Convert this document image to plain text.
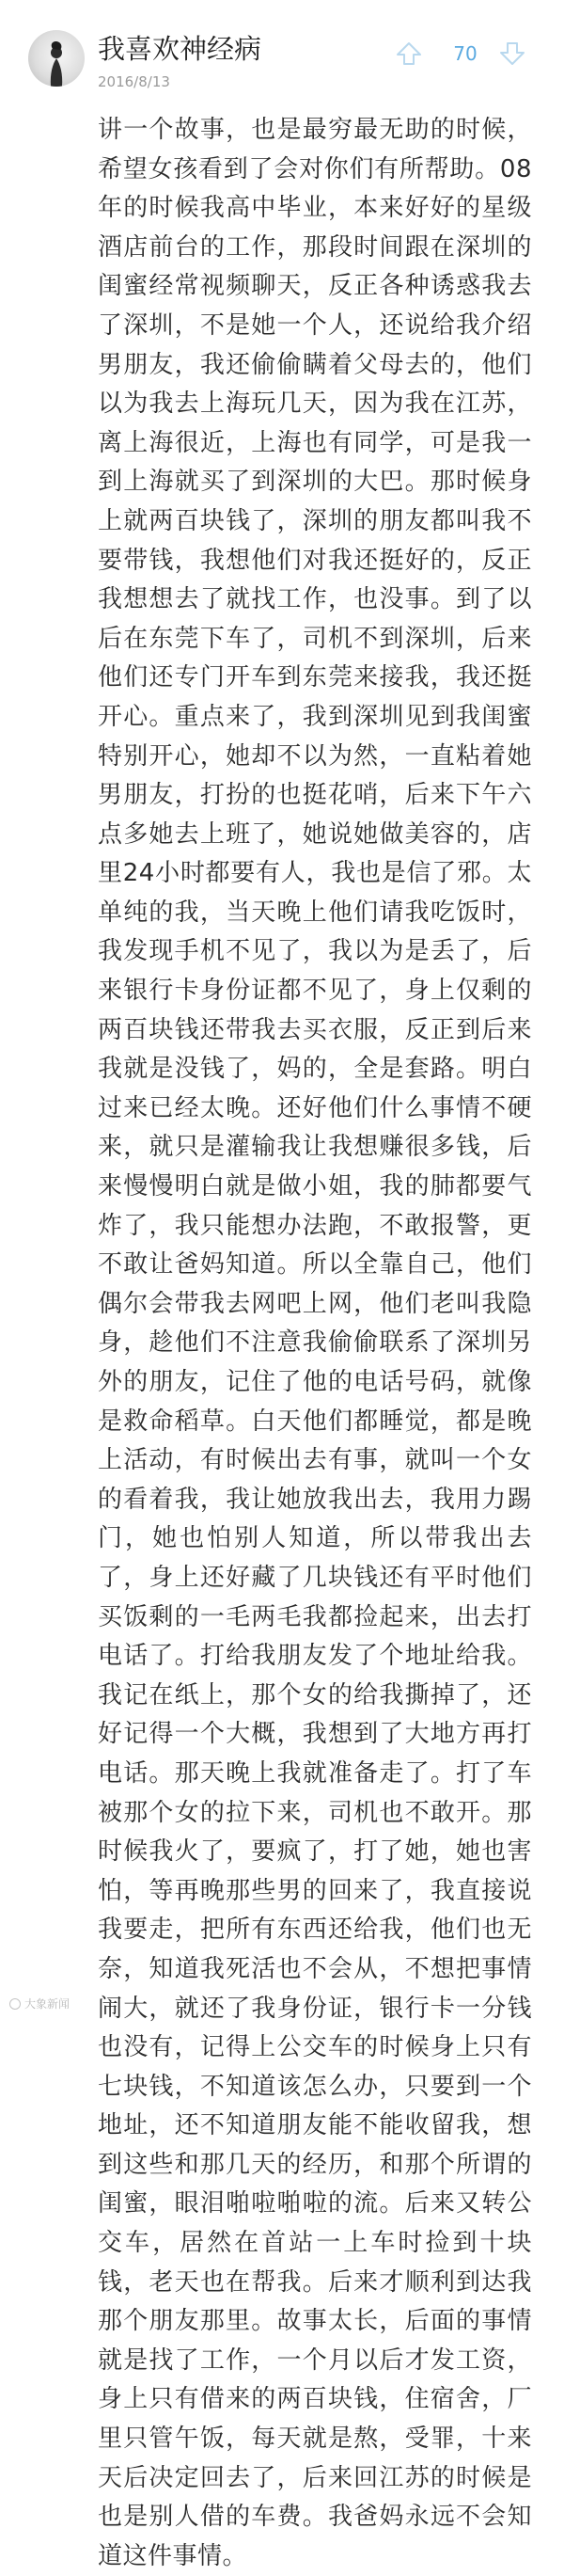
我喜欢神经病
2016/8/13
70
讲一个故事，也是最穷最无助的时候，希望女孩看到了会对你们有所帮助。08年的时候我高中毕业，本来好好的星级酒店前台的工作，那段时间跟在深圳的闺蜜经常视频聊天，反正各种诱惑我去了深圳，不是她一个人，还说给我介绍男朋友，我还偷偷瞒着父母去的，他们以为我去上海玩几天，因为我在江苏，离上海很近，上海也有同学，可是我一到上海就买了到深圳的大巴。那时候身上就两百块钱了，深圳的朋友都叫我不要带钱，我想他们对我还挺好的，反正我想想去了就找工作，也没事。到了以后在东莞下车了，司机不到深圳，后来他们还专门开车到东莞来接我，我还挺开心。重点来了，我到深圳见到我闺蜜特别开心，她却不以为然，一直粘着她男朋友，打扮的也挺花哨，后来下午六点多她去上班了，她说她做美容的，店里24小时都要有人，我也是信了邪。太单纯的我，当天晚上他们请我吃饭时，我发现手机不见了，我以为是丢了，后来银行卡身份证都不见了，身上仅剩的两百块钱还带我去买衣服，反正到后来我就是没钱了，妈的，全是套路。明白过来已经太晚。还好他们什么事情不硬来，就只是灌输我让我想赚很多钱，后来慢慢明白就是做小姐，我的肺都要气炸了，我只能想办法跑，不敢报警，更不敢让爸妈知道。所以全靠自己，他们偶尔会带我去网吧上网，他们老叫我隐身，趁他们不注意我偷偷联系了深圳另外的朋友，记住了他的电话号码，就像是救命稻草。白天他们都睡觉，都是晚上活动，有时候出去有事，就叫一个女的看着我，我让她放我出去，我用力踢门，她也怕别人知道，所以带我出去了，身上还好藏了几块钱还有平时他们买饭剩的一毛两毛我都捡起来，出去打电话了。打给我朋友发了个地址给我。我记在纸上，那个女的给我撕掉了，还好记得一个大概，我想到了大地方再打电话。那天晚上我就准备走了。打了车被那个女的拉下来，司机也不敢开。那时候我火了，要疯了，打了她，她也害怕，等再晚那些男的回来了，我直接说我要走，把所有东西还给我，他们也无奈，知道我死活也不会从，不想把事情闹大，就还了我身份证，银行卡一分钱也没有，记得上公交车的时候身上只有七块钱，不知道该怎么办，只要到一个地址，还不知道朋友能不能收留我，想到这些和那几天的经历，和那个所谓的闺蜜，眼泪啪啦啪啦的流。后来又转公交车，居然在首站一上车时捡到十块钱，老天也在帮我。后来才顺利到达我那个朋友那里。故事太长，后面的事情就是找了工作，一个月以后才发工资，身上只有借来的两百块钱，住宿舍，厂里只管午饭，每天就是熬，受罪，十来天后决定回去了，后来回江苏的时候是也是别人借的车费。我爸妈永远不会知道这件事情。
大象新闻
